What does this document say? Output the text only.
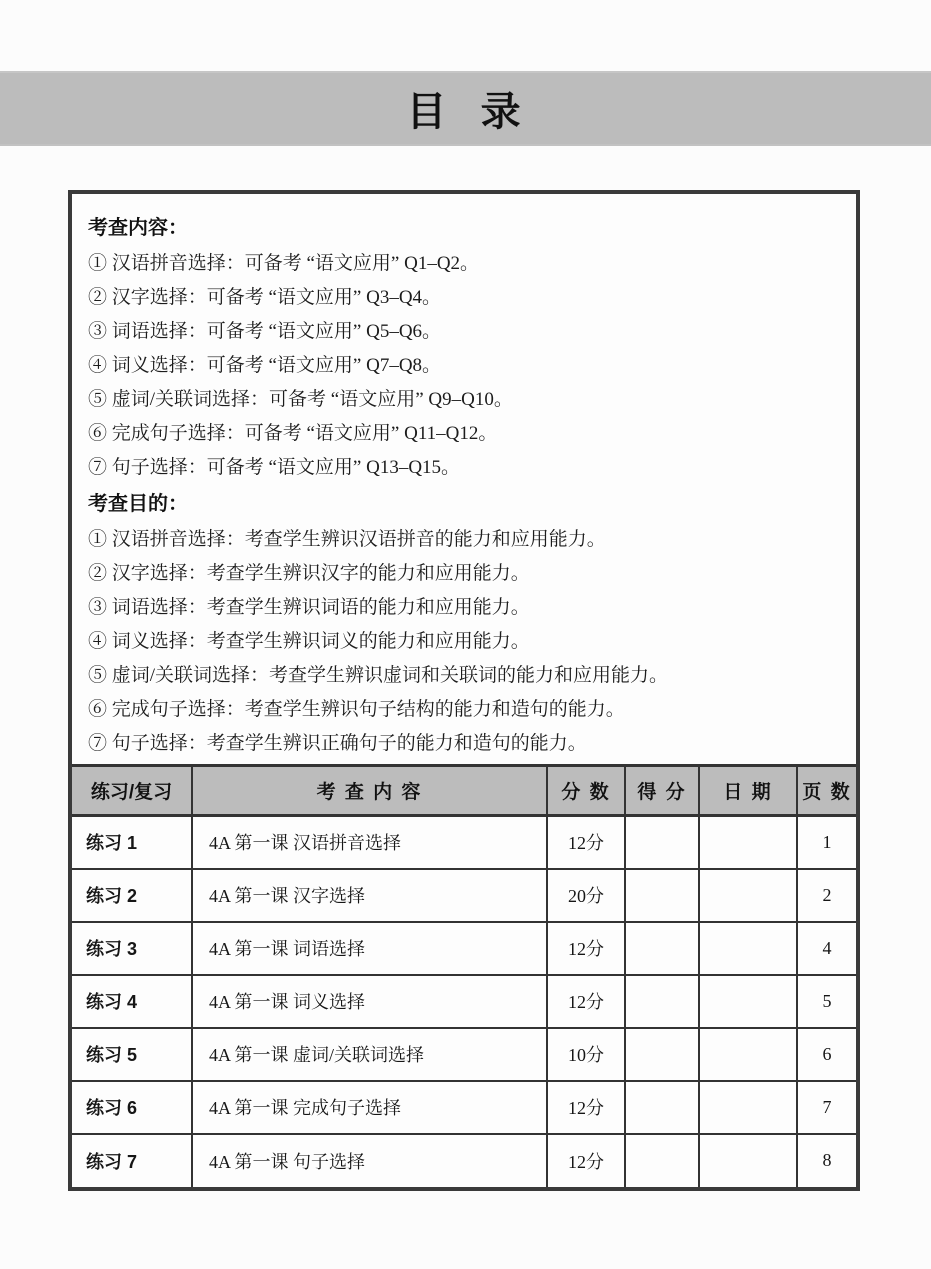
目  录
考查内容：
① 汉语拼音选择：可备考 “语文应用” Q1–Q2。
② 汉字选择：可备考 “语文应用” Q3–Q4。
③ 词语选择：可备考 “语文应用” Q5–Q6。
④ 词义选择：可备考 “语文应用” Q7–Q8。
⑤ 虚词/关联词选择：可备考 “语文应用” Q9–Q10。
⑥ 完成句子选择：可备考 “语文应用” Q11–Q12。
⑦ 句子选择：可备考 “语文应用” Q13–Q15。
考查目的：
① 汉语拼音选择：考查学生辨识汉语拼音的能力和应用能力。
② 汉字选择：考查学生辨识汉字的能力和应用能力。
③ 词语选择：考查学生辨识词语的能力和应用能力。
④ 词义选择：考查学生辨识词义的能力和应用能力。
⑤ 虚词/关联词选择：考查学生辨识虚词和关联词的能力和应用能力。
⑥ 完成句子选择：考查学生辨识句子结构的能力和造句的能力。
⑦ 句子选择：考查学生辨识正确句子的能力和造句的能力。
练习/复习	考 查 内 容	分 数	得 分	日 期	页 数
练习 1	4A 第一课 汉语拼音选择	12分			1
练习 2	4A 第一课 汉字选择	20分			2
练习 3	4A 第一课 词语选择	12分			4
练习 4	4A 第一课 词义选择	12分			5
练习 5	4A 第一课 虚词/关联词选择	10分			6
练习 6	4A 第一课 完成句子选择	12分			7
练习 7	4A 第一课 句子选择	12分			8
